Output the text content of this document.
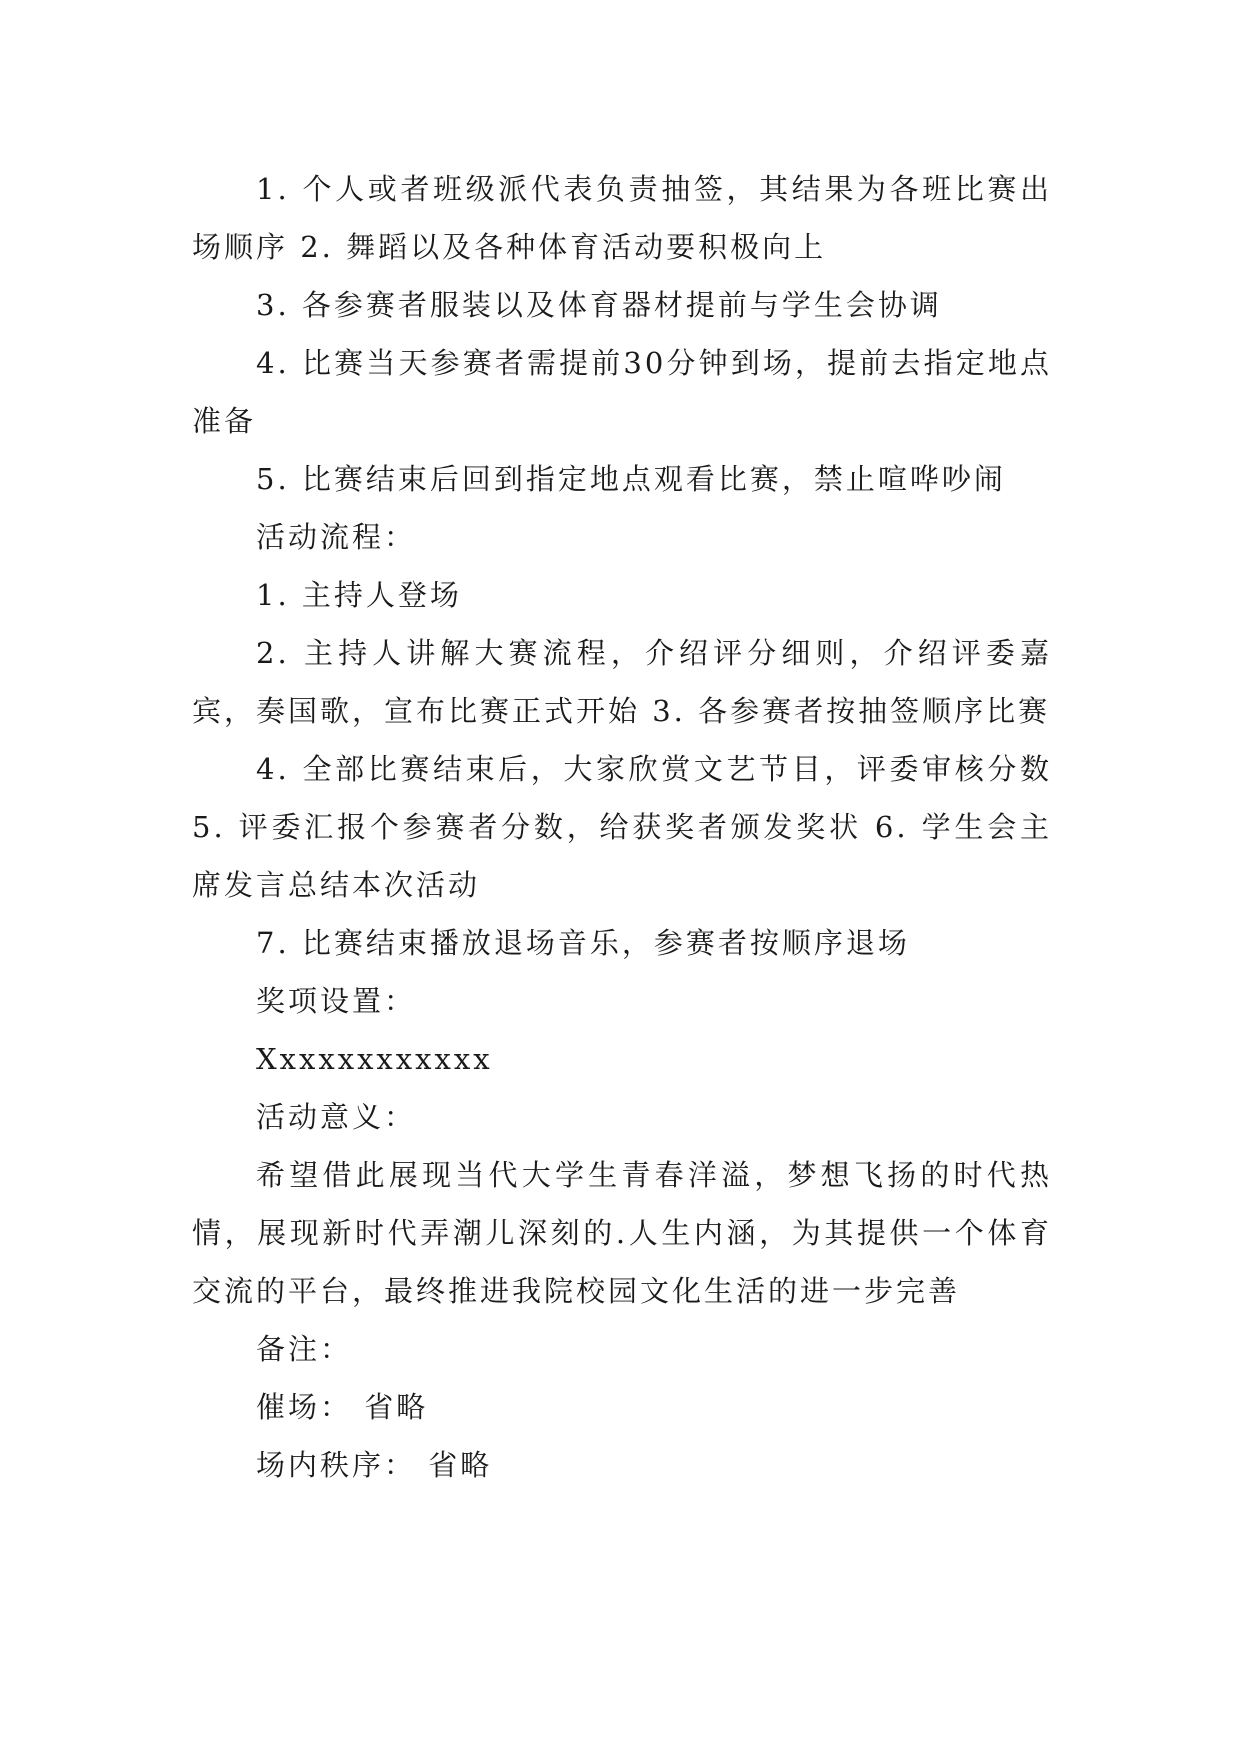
1. 个人或者班级派代表负责抽签，其结果为各班比赛出场顺序 2. 舞蹈以及各种体育活动要积极向上

3. 各参赛者服装以及体育器材提前与学生会协调

4. 比赛当天参赛者需提前30分钟到场，提前去指定地点准备

5. 比赛结束后回到指定地点观看比赛，禁止喧哗吵闹

活动流程：

1. 主持人登场

2. 主持人讲解大赛流程，介绍评分细则，介绍评委嘉宾，奏国歌，宣布比赛正式开始 3. 各参赛者按抽签顺序比赛

4. 全部比赛结束后，大家欣赏文艺节目，评委审核分数 5. 评委汇报个参赛者分数，给获奖者颁发奖状 6. 学生会主席发言总结本次活动

7. 比赛结束播放退场音乐，参赛者按顺序退场

奖项设置：

Xxxxxxxxxxxx

活动意义：

希望借此展现当代大学生青春洋溢，梦想飞扬的时代热情，展现新时代弄潮儿深刻的.人生内涵，为其提供一个体育交流的平台，最终推进我院校园文化生活的进一步完善

备注：

催场： 省略

场内秩序： 省略
